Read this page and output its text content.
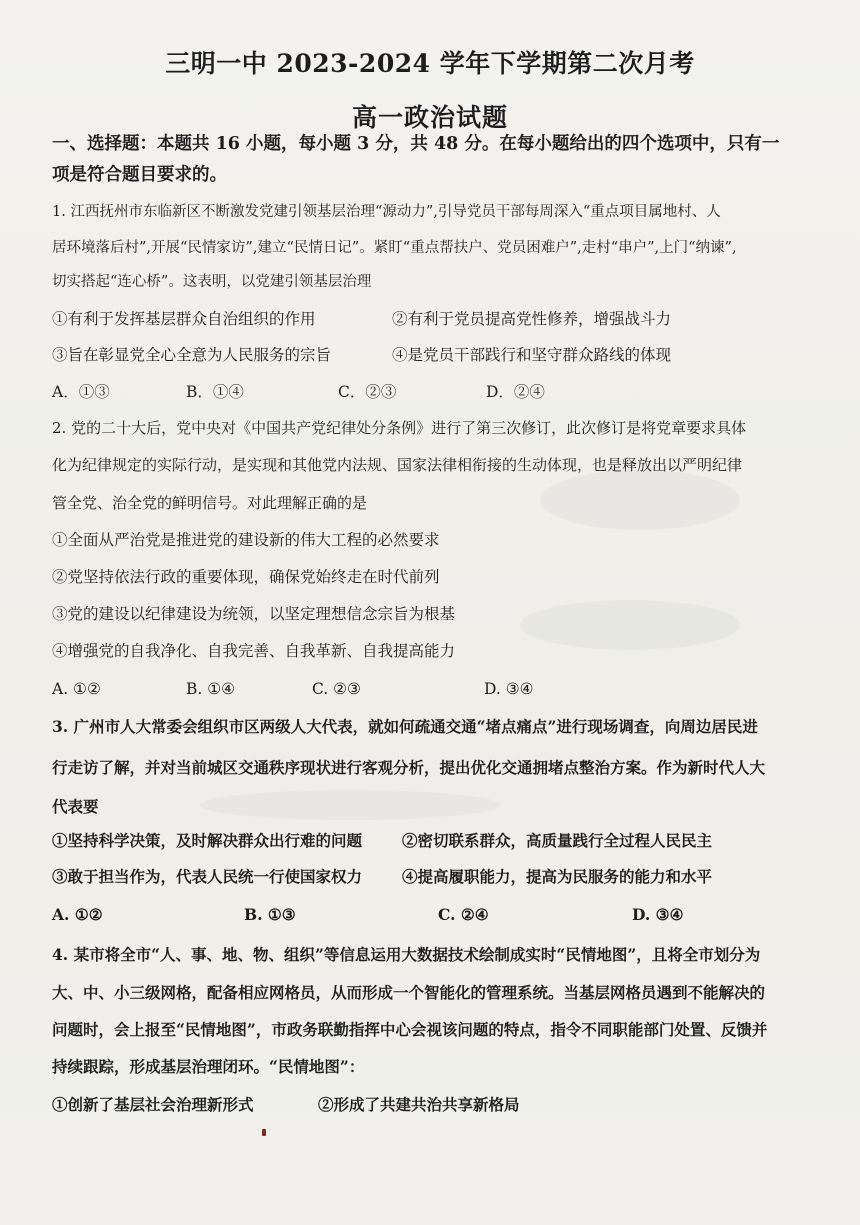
三明一中 2023-2024 学年下学期第二次月考
高一政治试题
一、选择题：本题共 16 小题，每小题 3 分，共 48 分。在每小题给出的四个选项中，只有一
项是符合题目要求的。
1. 江西抚州市东临新区不断激发党建引领基层治理“源动力”,引导党员干部每周深入“重点项目属地村、人
居环境落后村”,开展“民情家访”,建立“民情日记”。紧盯“重点帮扶户、党员困难户”,走村“串户”,上门“纳谏”,
切实搭起“连心桥”。这表明，以党建引领基层治理
①有利于发挥基层群众自治组织的作用	②有利于党员提高党性修养，增强战斗力
③旨在彰显党全心全意为人民服务的宗旨	④是党员干部践行和坚守群众路线的体现
A．①③	B．①④	C．②③	D．②④
2. 党的二十大后，党中央对《中国共产党纪律处分条例》进行了第三次修订，此次修订是将党章要求具体
化为纪律规定的实际行动，是实现和其他党内法规、国家法律相衔接的生动体现，也是释放出以严明纪律
管全党、治全党的鲜明信号。对此理解正确的是
①全面从严治党是推进党的建设新的伟大工程的必然要求
②党坚持依法行政的重要体现，确保党始终走在时代前列
③党的建设以纪律建设为统领，以坚定理想信念宗旨为根基
④增强党的自我净化、自我完善、自我革新、自我提高能力
A. ①②	B. ①④	C. ②③	D. ③④
3. 广州市人大常委会组织市区两级人大代表，就如何疏通交通“堵点痛点”进行现场调查，向周边居民进
行走访了解，并对当前城区交通秩序现状进行客观分析，提出优化交通拥堵点整治方案。作为新时代人大
代表要
①坚持科学决策，及时解决群众出行难的问题	②密切联系群众，高质量践行全过程人民民主
③敢于担当作为，代表人民统一行使国家权力	④提高履职能力，提高为民服务的能力和水平
A. ①②	B. ①③	C. ②④	D. ③④
4. 某市将全市“人、事、地、物、组织”等信息运用大数据技术绘制成实时“民情地图”，且将全市划分为
大、中、小三级网格，配备相应网格员，从而形成一个智能化的管理系统。当基层网格员遇到不能解决的
问题时，会上报至“民情地图”，市政务联勤指挥中心会视该问题的特点，指令不同职能部门处置、反馈并
持续跟踪，形成基层治理闭环。“民情地图”：
①创新了基层社会治理新形式	②形成了共建共治共享新格局
